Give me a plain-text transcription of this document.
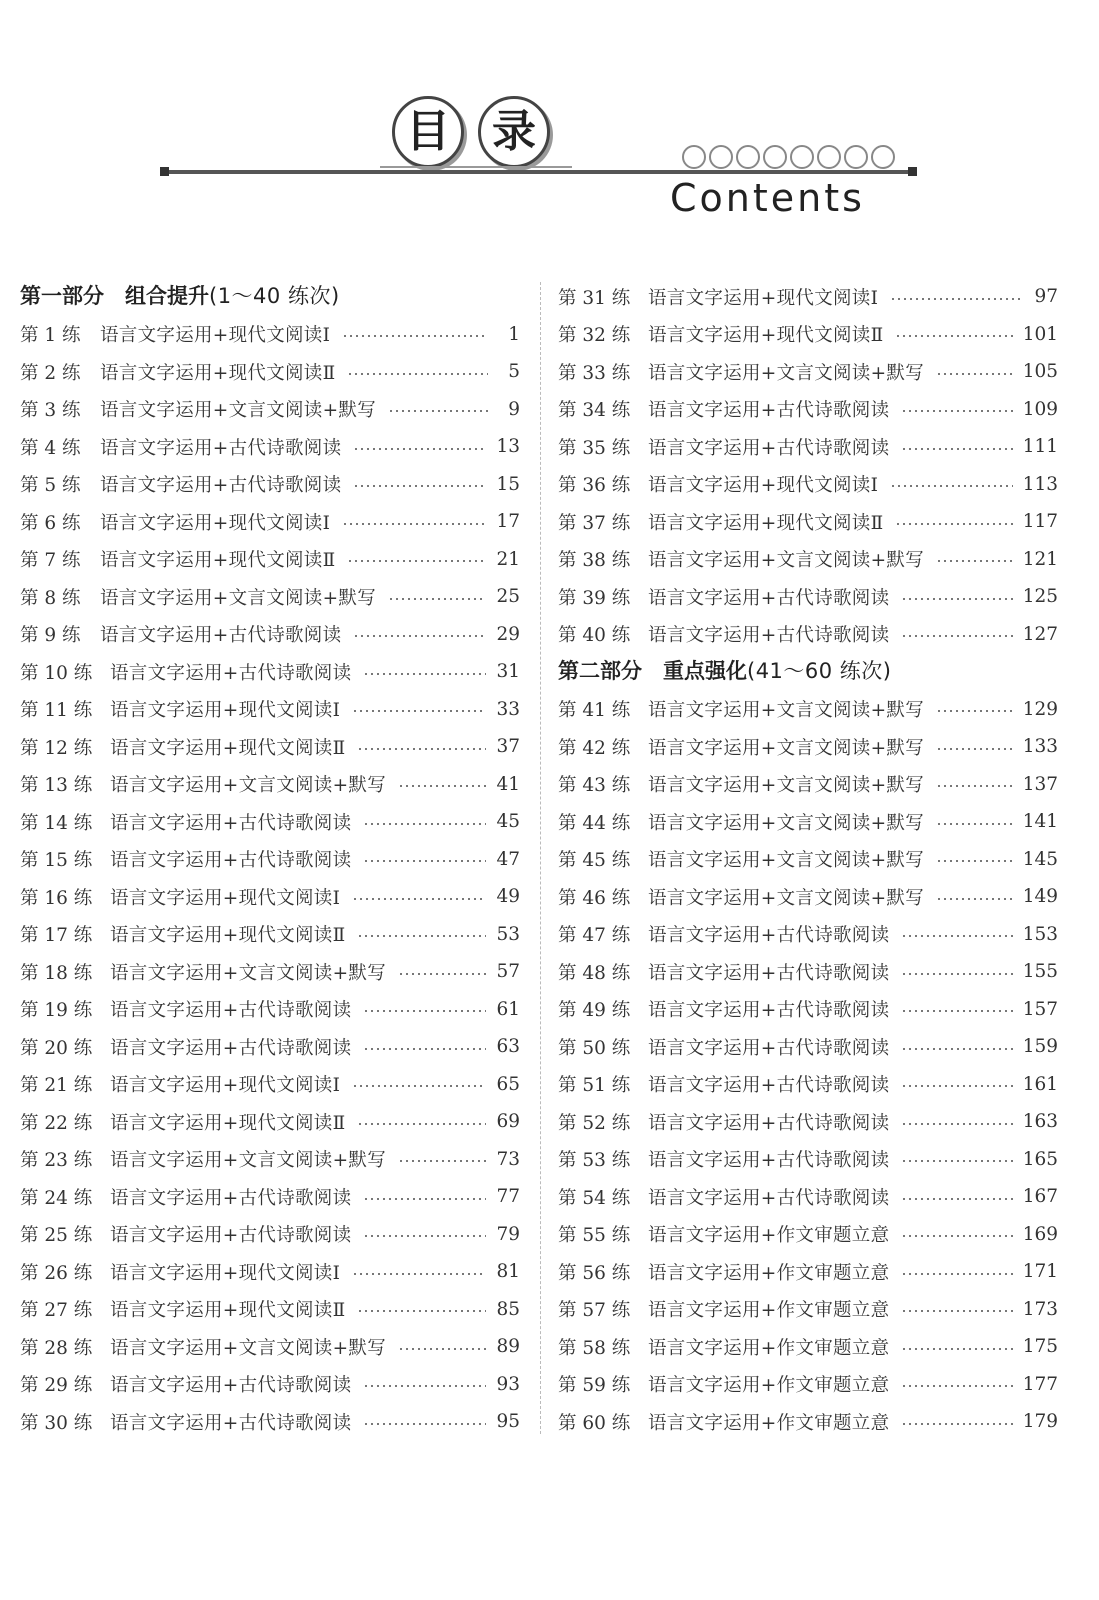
目 录
Contents
第一部分  组合提升(1～40 练次)
第 1 练	语言文字运用+现代文阅读Ⅰ	1
第 2 练	语言文字运用+现代文阅读Ⅱ	5
第 3 练	语言文字运用+文言文阅读+默写	9
第 4 练	语言文字运用+古代诗歌阅读	13
第 5 练	语言文字运用+古代诗歌阅读	15
第 6 练	语言文字运用+现代文阅读Ⅰ	17
第 7 练	语言文字运用+现代文阅读Ⅱ	21
第 8 练	语言文字运用+文言文阅读+默写	25
第 9 练	语言文字运用+古代诗歌阅读	29
第 10 练 语言文字运用+古代诗歌阅读	31
第 11 练 语言文字运用+现代文阅读Ⅰ	33
第 12 练 语言文字运用+现代文阅读Ⅱ	37
第 13 练 语言文字运用+文言文阅读+默写	41
第 14 练 语言文字运用+古代诗歌阅读	45
第 15 练 语言文字运用+古代诗歌阅读	47
第 16 练 语言文字运用+现代文阅读Ⅰ	49
第 17 练 语言文字运用+现代文阅读Ⅱ	53
第 18 练 语言文字运用+文言文阅读+默写	57
第 19 练 语言文字运用+古代诗歌阅读	61
第 20 练 语言文字运用+古代诗歌阅读	63
第 21 练 语言文字运用+现代文阅读Ⅰ	65
第 22 练 语言文字运用+现代文阅读Ⅱ	69
第 23 练 语言文字运用+文言文阅读+默写	73
第 24 练 语言文字运用+古代诗歌阅读	77
第 25 练 语言文字运用+古代诗歌阅读	79
第 26 练 语言文字运用+现代文阅读Ⅰ	81
第 27 练 语言文字运用+现代文阅读Ⅱ	85
第 28 练 语言文字运用+文言文阅读+默写	89
第 29 练 语言文字运用+古代诗歌阅读	93
第 30 练 语言文字运用+古代诗歌阅读	95
第 31 练 语言文字运用+现代文阅读Ⅰ	97
第 32 练 语言文字运用+现代文阅读Ⅱ	101
第 33 练 语言文字运用+文言文阅读+默写	105
第 34 练 语言文字运用+古代诗歌阅读	109
第 35 练 语言文字运用+古代诗歌阅读	111
第 36 练 语言文字运用+现代文阅读Ⅰ	113
第 37 练 语言文字运用+现代文阅读Ⅱ	117
第 38 练 语言文字运用+文言文阅读+默写	121
第 39 练 语言文字运用+古代诗歌阅读	125
第 40 练 语言文字运用+古代诗歌阅读	127
第二部分  重点强化(41～60 练次)
第 41 练 语言文字运用+文言文阅读+默写	129
第 42 练 语言文字运用+文言文阅读+默写	133
第 43 练 语言文字运用+文言文阅读+默写	137
第 44 练 语言文字运用+文言文阅读+默写	141
第 45 练 语言文字运用+文言文阅读+默写	145
第 46 练 语言文字运用+文言文阅读+默写	149
第 47 练 语言文字运用+古代诗歌阅读	153
第 48 练 语言文字运用+古代诗歌阅读	155
第 49 练 语言文字运用+古代诗歌阅读	157
第 50 练 语言文字运用+古代诗歌阅读	159
第 51 练 语言文字运用+古代诗歌阅读	161
第 52 练 语言文字运用+古代诗歌阅读	163
第 53 练 语言文字运用+古代诗歌阅读	165
第 54 练 语言文字运用+古代诗歌阅读	167
第 55 练 语言文字运用+作文审题立意	169
第 56 练 语言文字运用+作文审题立意	171
第 57 练 语言文字运用+作文审题立意	173
第 58 练 语言文字运用+作文审题立意	175
第 59 练 语言文字运用+作文审题立意	177
第 60 练 语言文字运用+作文审题立意	179
